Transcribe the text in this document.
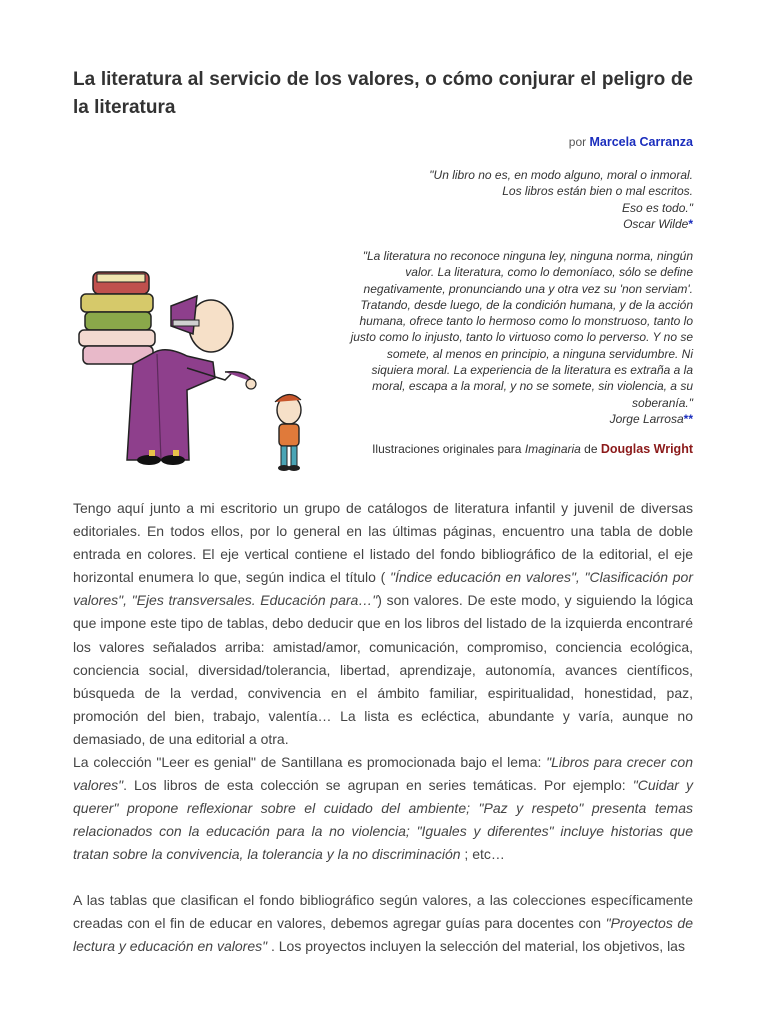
La literatura al servicio de los valores, o cómo conjurar el peligro de la literatura
por Marcela Carranza
"Un libro no es, en modo alguno, moral o inmoral.
Los libros están bien o mal escritos.
Eso es todo."
Oscar Wilde*
"La literatura no reconoce ninguna ley, ninguna norma, ningún
valor. La literatura, como lo demoníaco, sólo se define
negativamente, pronunciando una y otra vez su 'non serviam'.
Tratando, desde luego, de la condición humana, y de la acción
humana, ofrece tanto lo hermoso como lo monstruoso, tanto lo
justo como lo injusto, tanto lo virtuoso como lo perverso. Y no se
somete, al menos en principio, a ninguna servidumbre. Ni
siquiera moral. La experiencia de la literatura es extraña a la
moral, escapa a la moral, y no se somete, sin violencia, a su
soberanía."
Jorge Larrosa**
Ilustraciones originales para Imaginaria de Douglas Wright

Tengo aquí junto a mi escritorio un grupo de catálogos de literatura infantil y juvenil de diversas editoriales. En todos ellos, por lo general en las últimas páginas, encuentro una tabla de doble entrada en colores. El eje vertical contiene el listado del fondo bibliográfico de la editorial, el eje horizontal enumera lo que, según indica el título ( "Índice educación en valores", "Clasificación por valores", "Ejes transversales. Educación para…") son valores. De este modo, y siguiendo la lógica que impone este tipo de tablas, debo deducir que en los libros del listado de la izquierda encontraré los valores señalados arriba: amistad/amor, comunicación, compromiso, conciencia ecológica, conciencia social, diversidad/tolerancia, libertad, aprendizaje, autonomía, avances científicos, búsqueda de la verdad, convivencia en el ámbito familiar, espiritualidad, honestidad, paz, promoción del bien, trabajo, valentía… La lista es ecléctica, abundante y varía, aunque no demasiado, de una editorial a otra.

La colección "Leer es genial" de Santillana es promocionada bajo el lema: "Libros para crecer con valores". Los libros de esta colección se agrupan en series temáticas. Por ejemplo: "Cuidar y querer" propone reflexionar sobre el cuidado del ambiente; "Paz y respeto" presenta temas relacionados con la educación para la no violencia; "Iguales y diferentes" incluye historias que tratan sobre la convivencia, la tolerancia y la no discriminación ; etc…

A las tablas que clasifican el fondo bibliográfico según valores, a las colecciones específicamente creadas con el fin de educar en valores, debemos agregar guías para docentes con "Proyectos de lectura y educación en valores" . Los proyectos incluyen la selección del material, los objetivos, las
